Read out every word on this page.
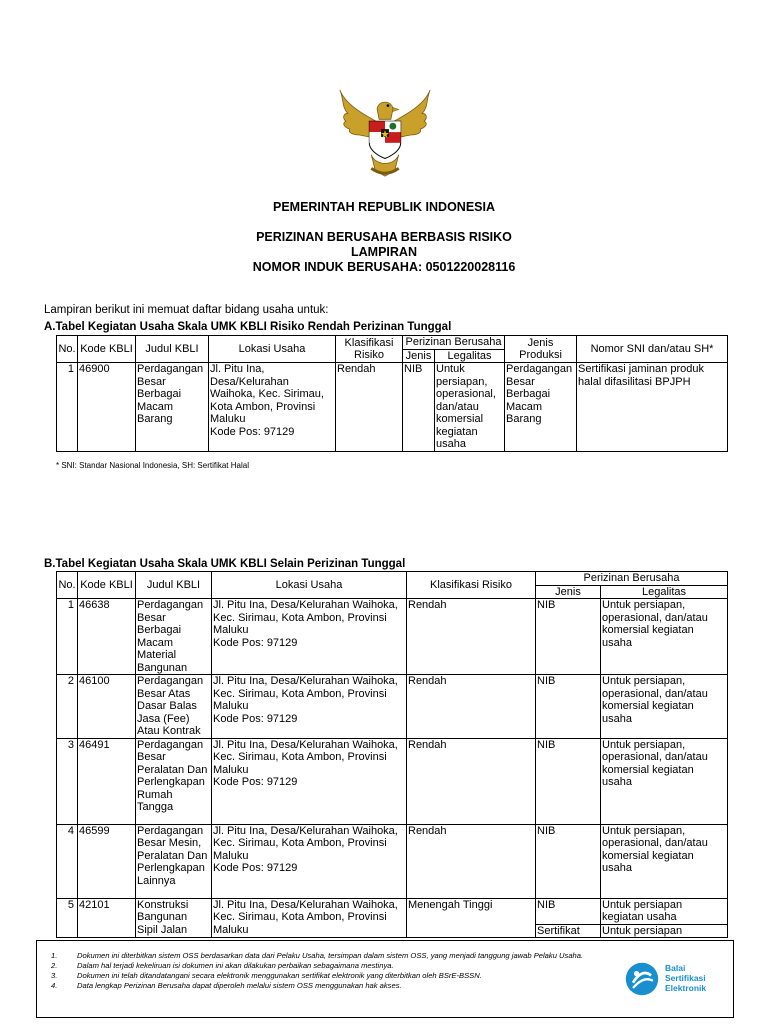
PEMERINTAH REPUBLIK INDONESIA
PERIZINAN BERUSAHA BERBASIS RISIKO
LAMPIRAN
NOMOR INDUK BERUSAHA: 0501220028116
Lampiran berikut ini memuat daftar bidang usaha untuk:
A.Tabel Kegiatan Usaha Skala UMK KBLI Risiko Rendah Perizinan Tunggal
No.	Kode KBLI	Judul KBLI	Lokasi Usaha	Klasifikasi Risiko	Perizinan Berusaha		Jenis Produksi	Nomor SNI dan/atau SH*
					Jenis	Legalitas		
1	46900	Perdagangan Besar Berbagai Macam Barang	Jl. Pitu Ina, Desa/Kelurahan Waihoka, Kec. Sirimau, Kota Ambon, Provinsi Maluku
Kode Pos: 97129	Rendah	NIB	Untuk persiapan, operasional, dan/atau komersial kegiatan usaha	Perdagangan Besar Berbagai Macam Barang	Sertifikasi jaminan produk halal difasilitasi BPJPH
* SNI: Standar Nasional Indonesia, SH: Sertifikat Halal
B.Tabel Kegiatan Usaha Skala UMK KBLI Selain Perizinan Tunggal
No.	Kode KBLI	Judul KBLI	Lokasi Usaha	Klasifikasi Risiko	Perizinan Berusaha	
					Jenis	Legalitas
1	46638	Perdagangan Besar Berbagai Macam Material Bangunan	Jl. Pitu Ina, Desa/Kelurahan Waihoka, Kec. Sirimau, Kota Ambon, Provinsi Maluku
Kode Pos: 97129	Rendah	NIB	Untuk persiapan, operasional, dan/atau komersial kegiatan usaha
2	46100	Perdagangan Besar Atas Dasar Balas Jasa (Fee) Atau Kontrak	Jl. Pitu Ina, Desa/Kelurahan Waihoka, Kec. Sirimau, Kota Ambon, Provinsi Maluku
Kode Pos: 97129	Rendah	NIB	Untuk persiapan, operasional, dan/atau komersial kegiatan usaha
3	46491	Perdagangan Besar Peralatan Dan Perlengkapan Rumah Tangga	Jl. Pitu Ina, Desa/Kelurahan Waihoka, Kec. Sirimau, Kota Ambon, Provinsi Maluku
Kode Pos: 97129	Rendah	NIB	Untuk persiapan, operasional, dan/atau komersial kegiatan usaha
4	46599	Perdagangan Besar Mesin, Peralatan Dan Perlengkapan Lainnya	Jl. Pitu Ina, Desa/Kelurahan Waihoka, Kec. Sirimau, Kota Ambon, Provinsi Maluku
Kode Pos: 97129	Rendah	NIB	Untuk persiapan, operasional, dan/atau komersial kegiatan usaha
5	42101	Konstruksi Bangunan Sipil Jalan	Jl. Pitu Ina, Desa/Kelurahan Waihoka, Kec. Sirimau, Kota Ambon, Provinsi Maluku	Menengah Tinggi	NIB	Untuk persiapan kegiatan usaha
					Sertifikat	Untuk persiapan
1.	Dokumen ini diterbitkan sistem OSS berdasarkan data dari Pelaku Usaha, tersimpan dalam sistem OSS, yang menjadi tanggung jawab Pelaku Usaha.
2.	Dalam hal terjadi kekeliruan isi dokumen ini akan dilakukan perbaikan sebagaimana mestinya.
3.	Dokumen ini telah ditandatangani secara elektronik menggunakan sertifikat elektronik yang diterbitkan oleh BSrE-BSSN.
4.	Data lengkap Perizinan Berusaha dapat diperoleh melalui sistem OSS menggunakan hak akses.
Balai
Sertifikasi
Elektronik
